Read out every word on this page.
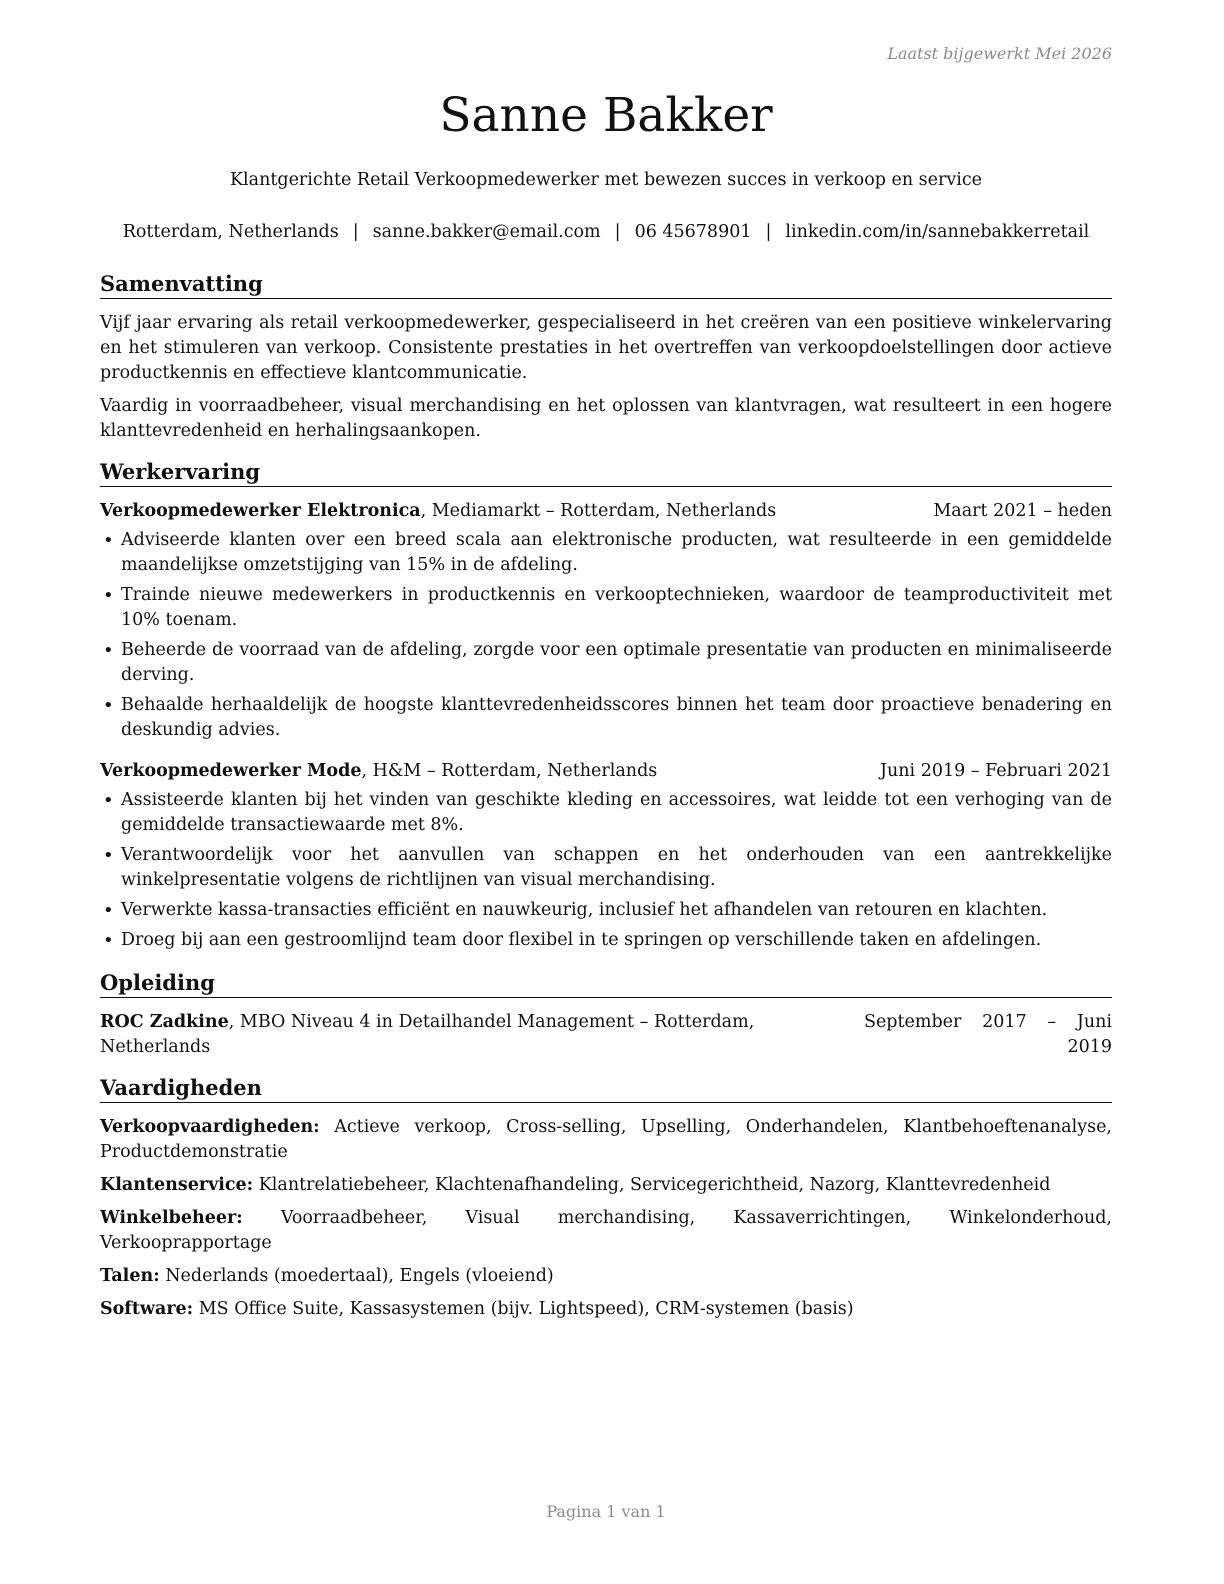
Laatst bijgewerkt Mei 2026
Sanne Bakker
Klantgerichte Retail Verkoopmedewerker met bewezen succes in verkoop en service
Rotterdam, Netherlands | sanne.bakker@email.com | 06 45678901 | linkedin.com/in/sannebakkerretail
Samenvatting

Vijf jaar ervaring als retail verkoopmedewerker, gespecialiseerd in het creëren van een positieve winkelervaring en het stimuleren van verkoop. Consistente prestaties in het overtreffen van verkoopdoelstellingen door actieve productkennis en effectieve klantcommunicatie.

Vaardig in voorraadbeheer, visual merchandising en het oplossen van klantvragen, wat resulteert in een hogere klanttevredenheid en herhalingsaankopen.

Werkervaring
Verkoopmedewerker Elektronica, Mediamarkt – Rotterdam, Netherlands	Maart 2021 – heden
• Adviseerde klanten over een breed scala aan elektronische producten, wat resulteerde in een gemiddelde maandelijkse omzetstijging van 15% in de afdeling.
• Trainde nieuwe medewerkers in productkennis en verkooptechnieken, waardoor de teamproductiviteit met 10% toenam.
• Beheerde de voorraad van de afdeling, zorgde voor een optimale presentatie van producten en minimaliseerde derving.
• Behaalde herhaaldelijk de hoogste klanttevredenheidsscores binnen het team door proactieve benadering en deskundig advies.
Verkoopmedewerker Mode, H&M – Rotterdam, Netherlands	Juni 2019 – Februari 2021
• Assisteerde klanten bij het vinden van geschikte kleding en accessoires, wat leidde tot een verhoging van de gemiddelde transactiewaarde met 8%.
• Verantwoordelijk voor het aanvullen van schappen en het onderhouden van een aantrekkelijke winkelpresentatie volgens de richtlijnen van visual merchandising.
• Verwerkte kassa-transacties efficiënt en nauwkeurig, inclusief het afhandelen van retouren en klachten.
• Droeg bij aan een gestroomlijnd team door flexibel in te springen op verschillende taken en afdelingen.
Opleiding
ROC Zadkine, MBO Niveau 4 in Detailhandel Management – Rotterdam, Netherlands
September 2017 – Juni 2019
Vaardigheden
Verkoopvaardigheden: Actieve verkoop, Cross-selling, Upselling, Onderhandelen, Klantbehoeftenanalyse, Productdemonstratie
Klantenservice: Klantrelatiebeheer, Klachtenafhandeling, Servicegerichtheid, Nazorg, Klanttevredenheid
Winkelbeheer: Voorraadbeheer, Visual merchandising, Kassaverrichtingen, Winkelonderhoud, Verkooprapportage
Talen: Nederlands (moedertaal), Engels (vloeiend)
Software: MS Office Suite, Kassasystemen (bijv. Lightspeed), CRM-systemen (basis)
Pagina 1 van 1
